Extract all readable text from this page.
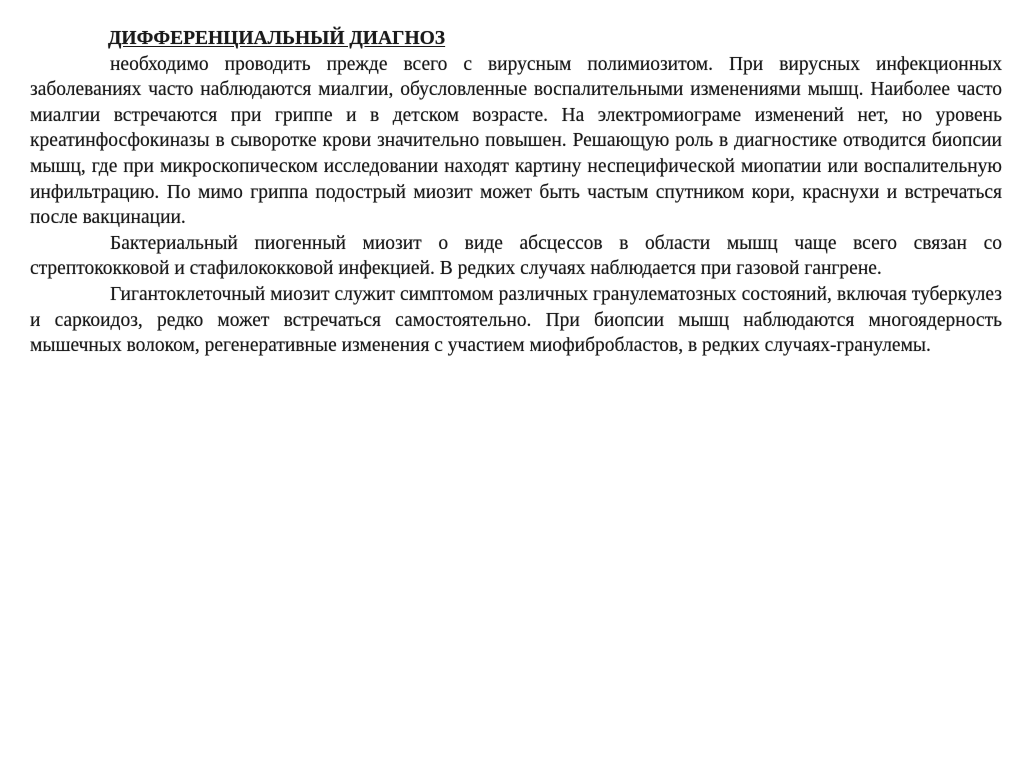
ДИФФЕРЕНЦИАЛЬНЫЙ ДИАГНОЗ

необходимо проводить прежде всего с вирусным полимиозитом. При вирусных инфекционных заболеваниях часто наблюдаются миалгии, обусловленные воспалительными изменениями мышц. Наиболее часто миалгии встречаются при гриппе и в детском возрасте. На электромиограме изменений нет, но уровень креатинфосфокиназы в сыворотке крови значительно повышен. Решающую роль в диагностике отводится биопсии мышц, где при микроскопическом исследовании находят картину неспецифической миопатии или воспалительную инфильтрацию. По мимо гриппа подострый миозит может быть частым спутником кори, краснухи и встречаться после вакцинации.

Бактериальный пиогенный миозит о виде абсцессов в области мышц чаще всего связан со стрептококковой и стафилококковой инфекцией. В редких случаях наблюдается при газовой гангрене.

Гигантоклеточный миозит служит симптомом различных гранулематозных состояний, включая туберкулез и саркоидоз, редко может встречаться самостоятельно. При биопсии мышц наблюдаются многоядерность мышечных волоком, регенеративные изменения с участием миофибробластов, в редких случаях-гранулемы.
